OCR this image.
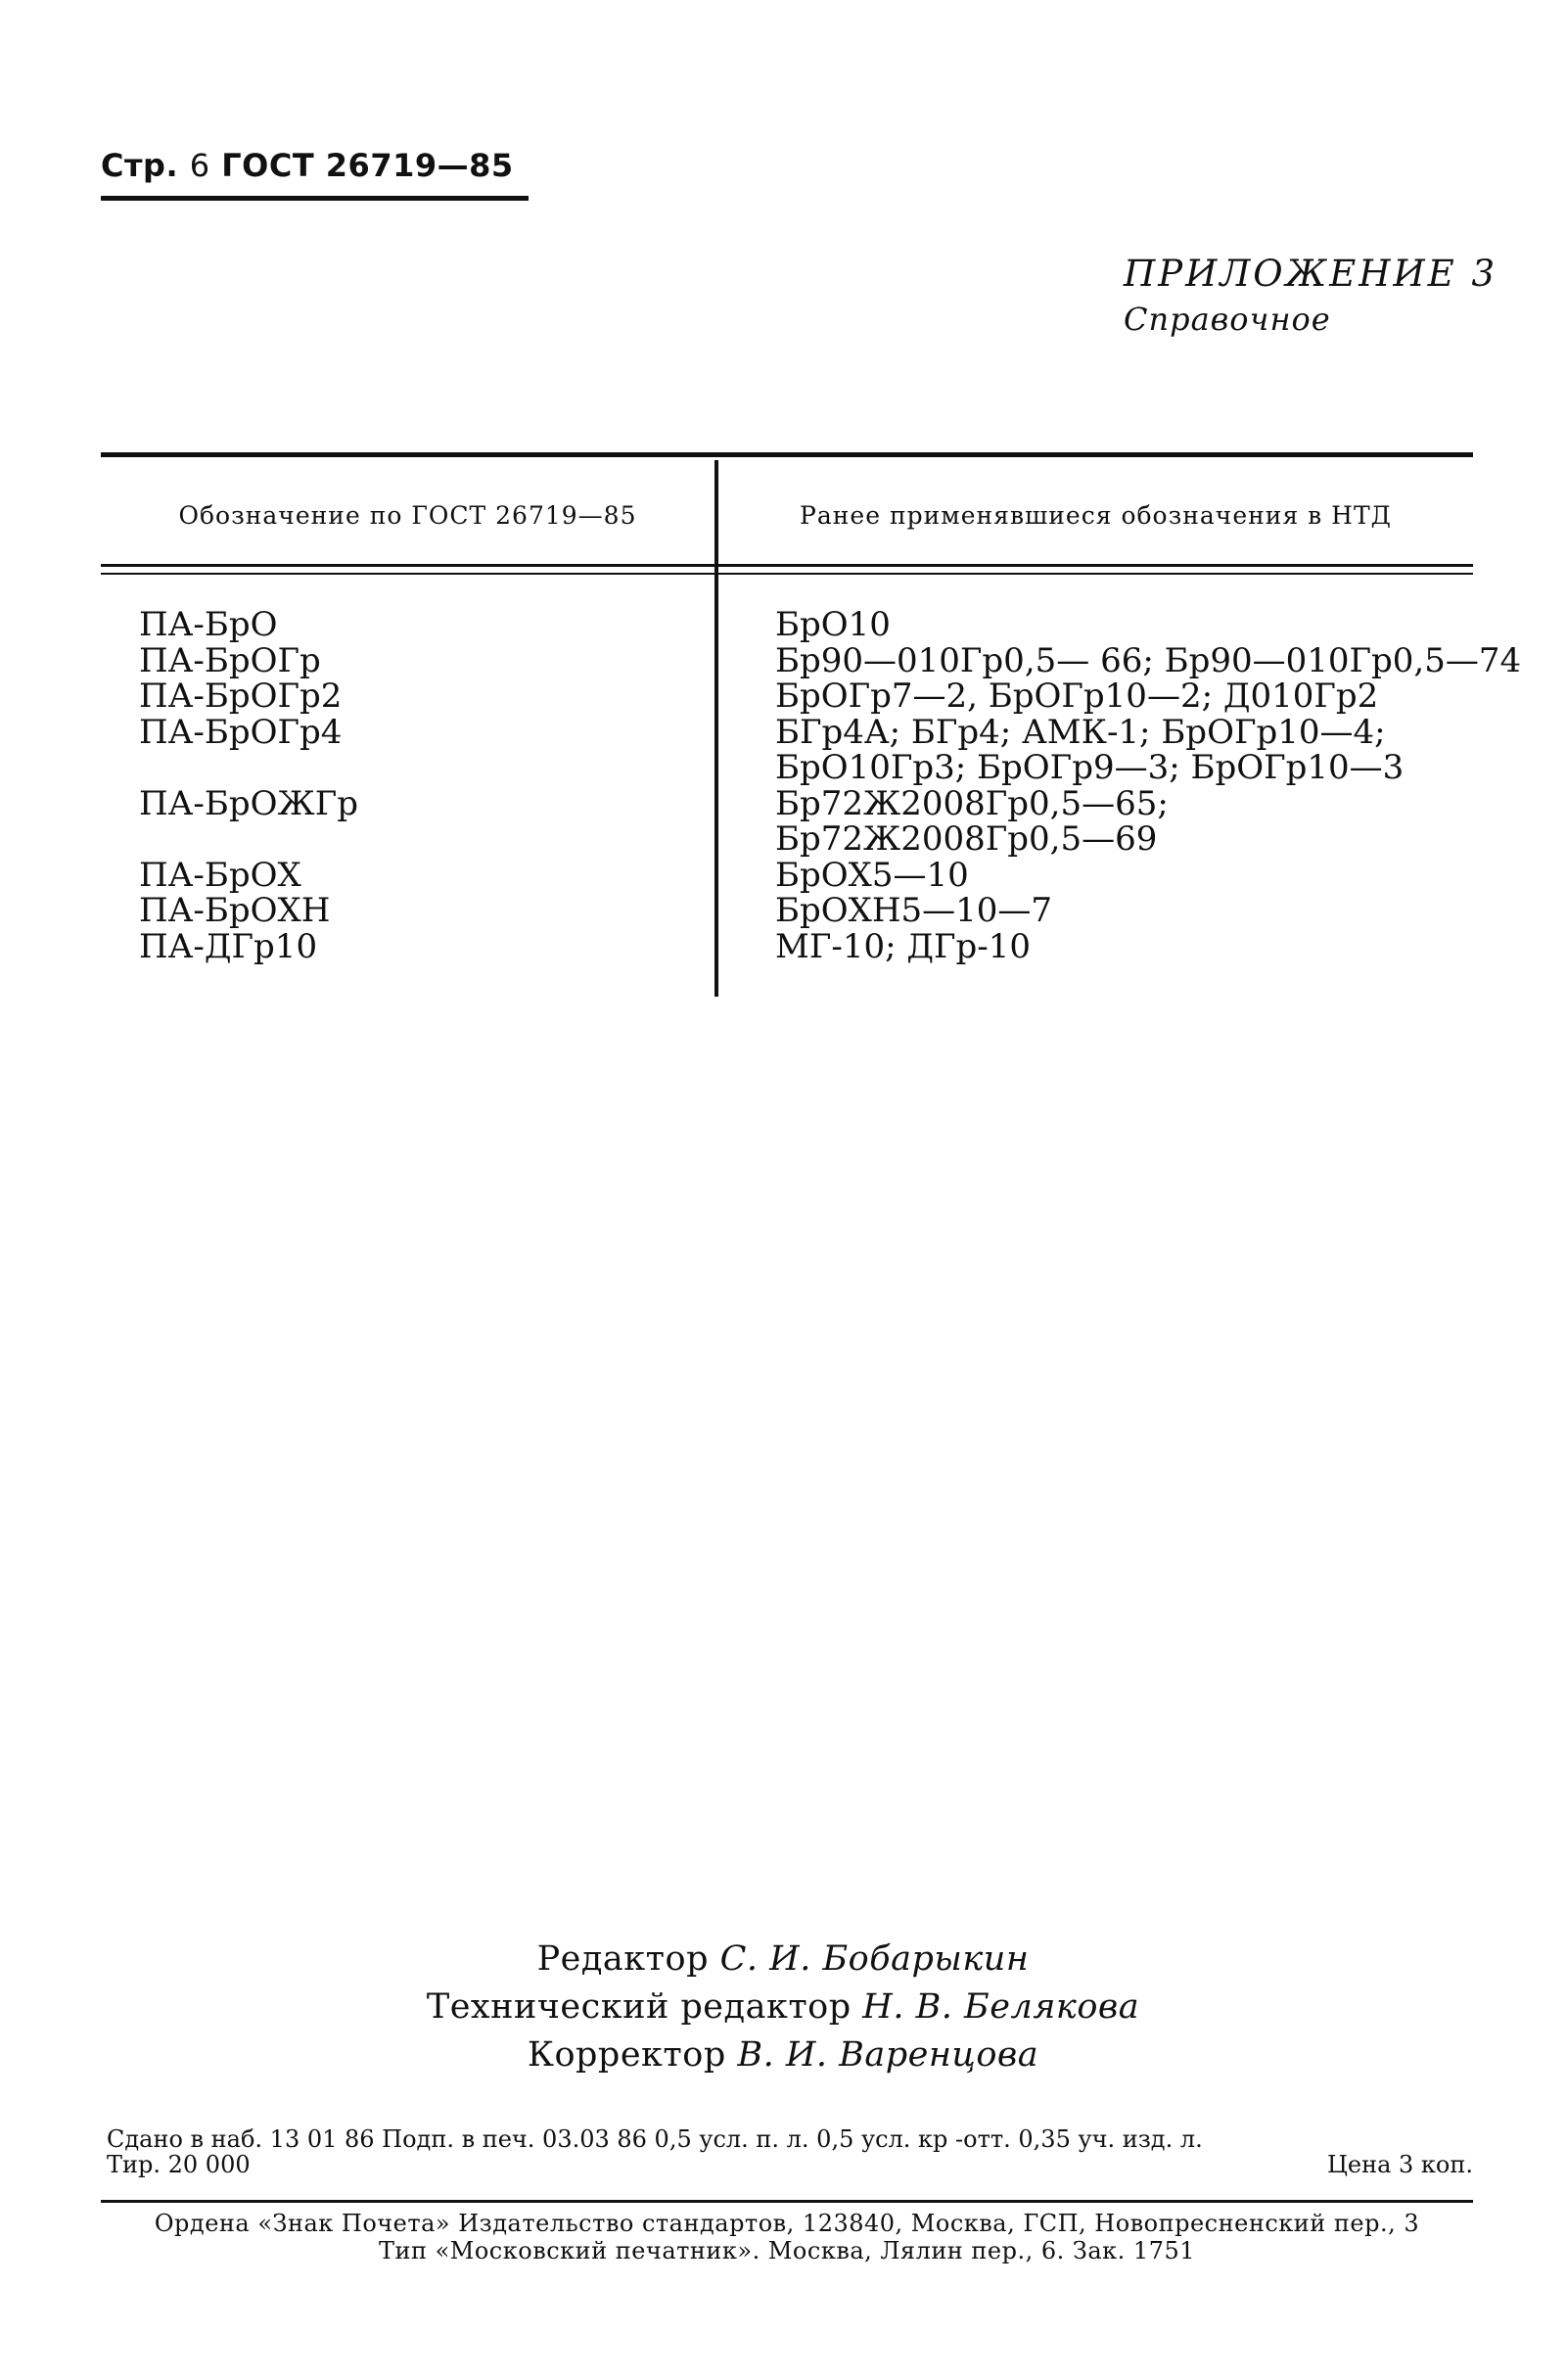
Стр. 6 ГОСТ 26719—85
ПРИЛОЖЕНИЕ 3
Справочное
Обозначение по ГОСТ 26719—85	Ранее применявшиеся обозначения в НТД
ПА-БрО
ПА-БрОГр
ПА-БрОГр2
ПА-БрОГр4
ПА-БрОЖГр
ПА-БрОХ
ПА-БрОХН
ПА-ДГр10
БрО10
Бр90—010Гр0,5— 66; Бр90—010Гр0,5—74
БрОГр7—2, БрОГр10—2; Д010Гр2
БГр4А; БГр4; АМК-1; БрОГр10—4;
БрО10Гр3; БрОГр9—3; БрОГр10—3
Бр72Ж2008Гр0,5—65;
Бр72Ж2008Гр0,5—69
БрОХ5—10
БрОХН5—10—7
МГ-10; ДГр-10
Редактор С. И. Бобарыкин
Технический редактор Н. В. Белякова
Корректор В. И. Варенцова
Сдано в наб. 13 01 86 Подп. в печ. 03.03 86 0,5 усл. п. л. 0,5 усл. кр -отт. 0,35 уч. изд. л.
Тир. 20 000	Цена 3 коп.
Ордена «Знак Почета» Издательство стандартов, 123840, Москва, ГСП, Новопресненский пер., 3
Тип «Московский печатник». Москва, Лялин пер., 6. Зак. 1751
